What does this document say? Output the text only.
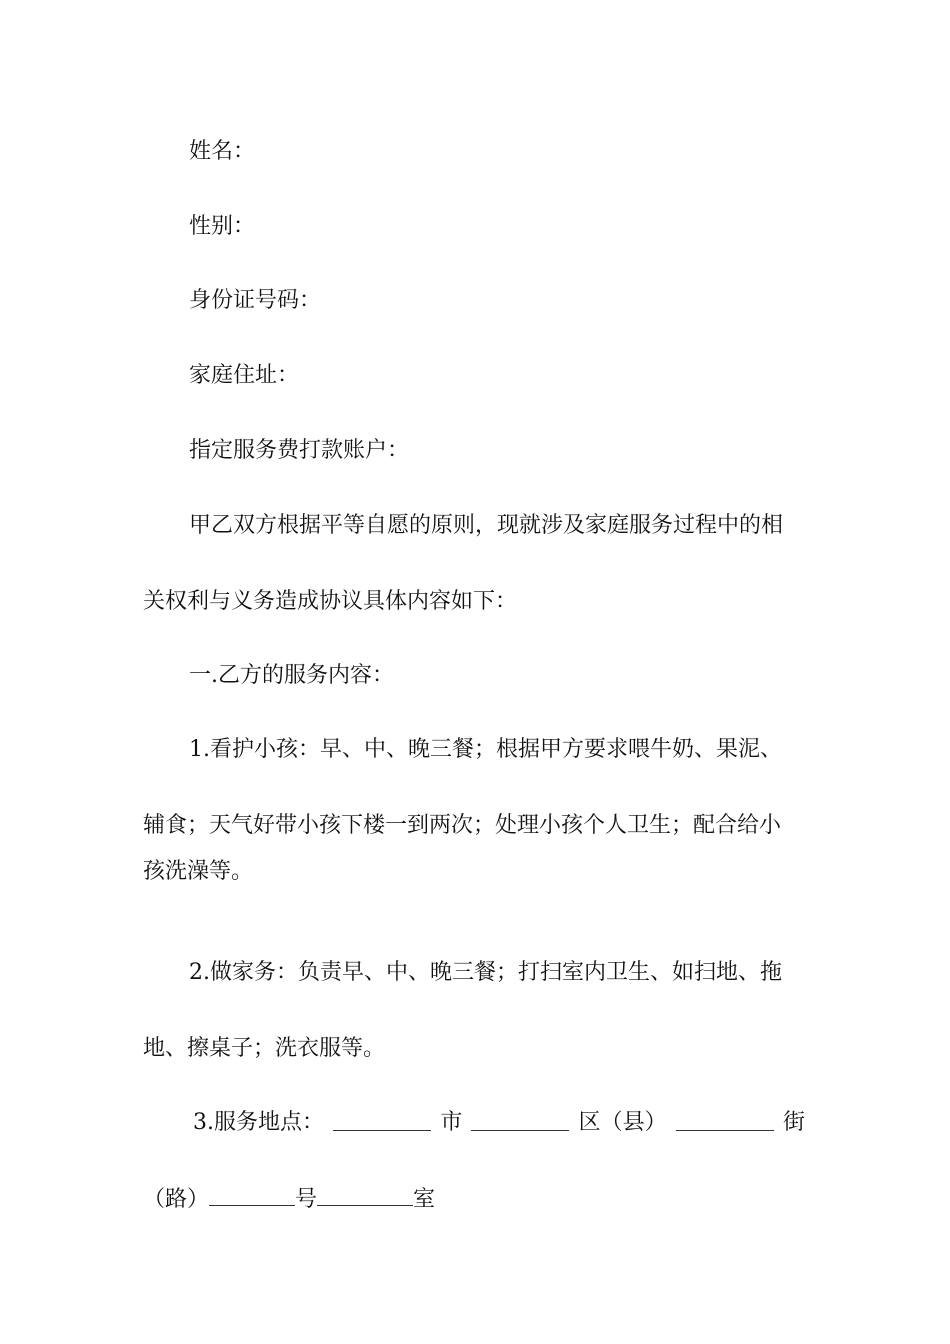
姓名：
性别：
身份证号码：
家庭住址：
指定服务费打款账户：
甲乙双方根据平等自愿的原则，现就涉及家庭服务过程中的相
关权利与义务造成协议具体内容如下：
一.乙方的服务内容：
1.看护小孩：早、中、晚三餐；根据甲方要求喂牛奶、果泥、
辅食；天气好带小孩下楼一到两次；处理小孩个人卫生；配合给小
孩洗澡等。
2.做家务：负责早、中、晚三餐；打扫室内卫生、如扫地、拖
地、擦桌子；洗衣服等。
3.服务地点：	市	区（县）	街
（路）	号	室
